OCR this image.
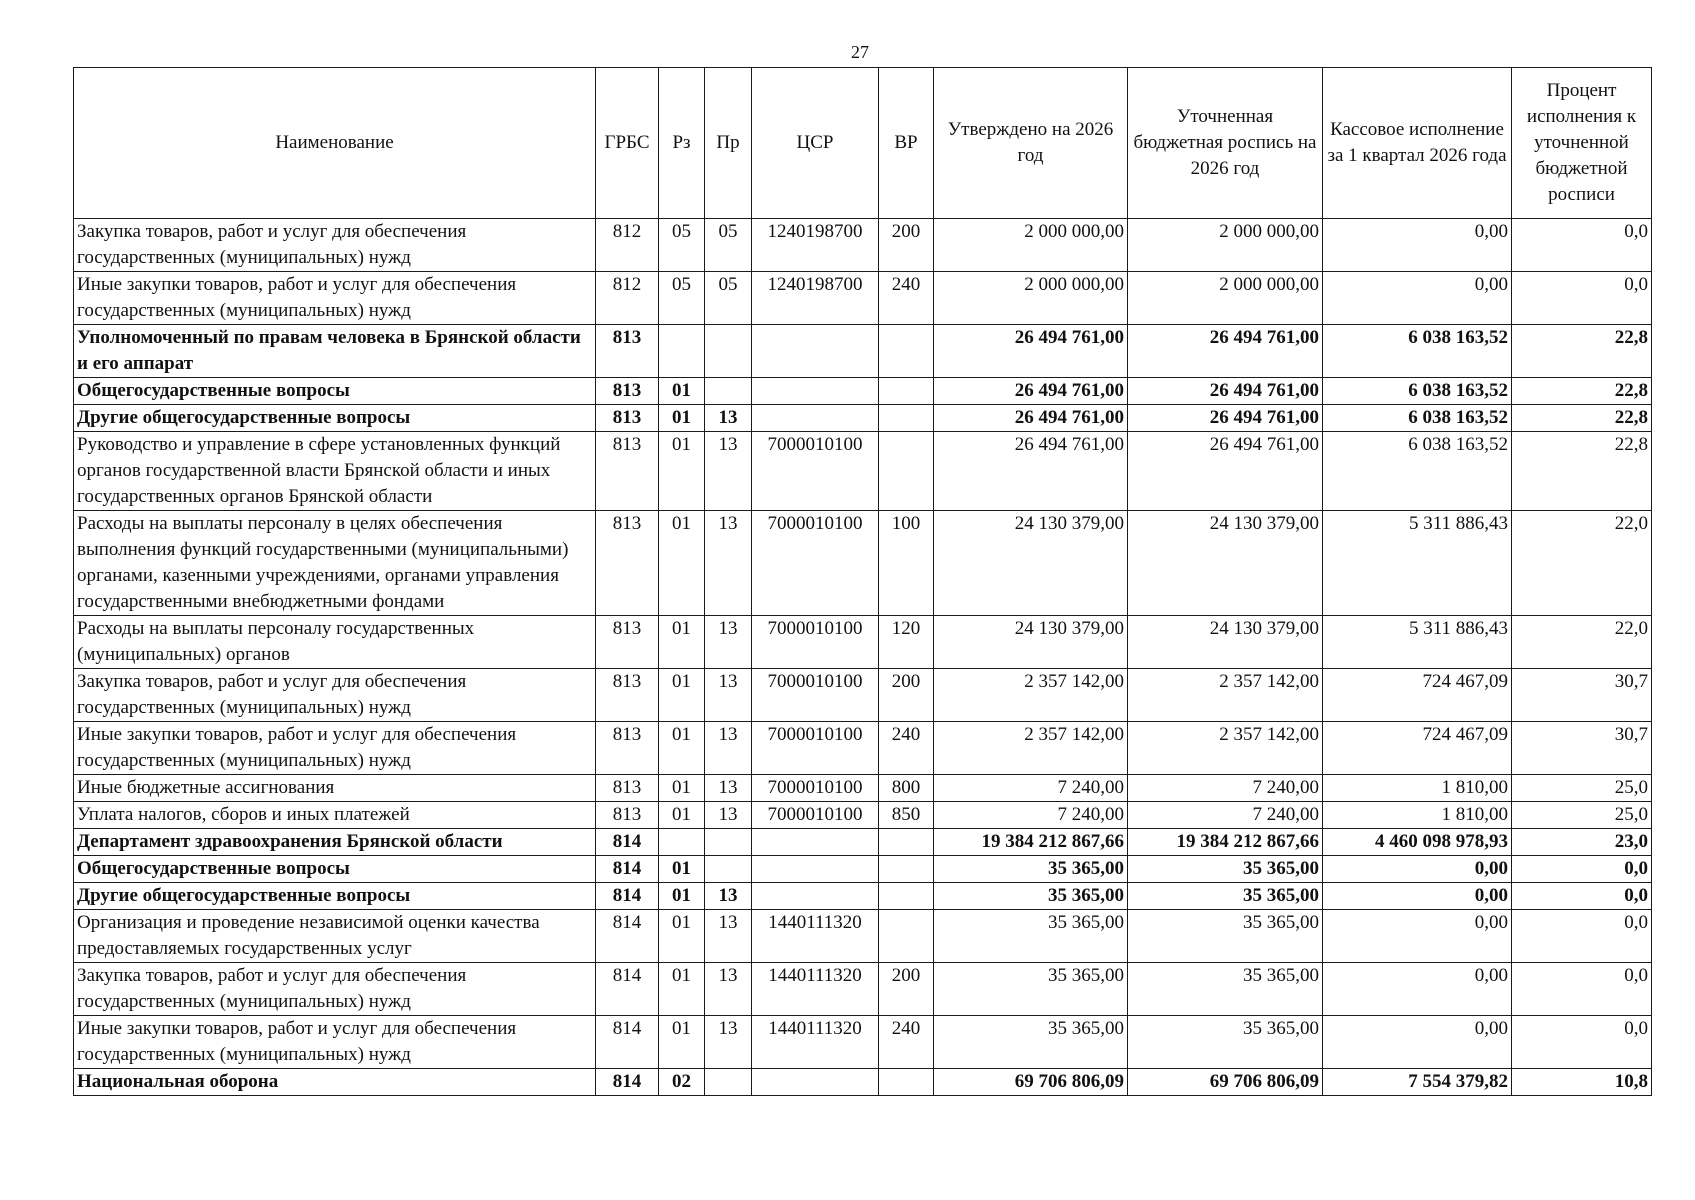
27
Наименование	ГРБС	Рз	Пр	ЦСР	ВР	Утверждено на 2026 год	Уточненная бюджетная роспись на 2026 год	Кассовое исполнение за 1 квартал 2026 года	Процент исполнения к уточненной бюджетной росписи
Закупка товаров, работ и услуг для обеспечения государственных (муниципальных) нужд	812	05	05	1240198700	200	2 000 000,00	2 000 000,00	0,00	0,0
Иные закупки товаров, работ и услуг для обеспечения государственных (муниципальных) нужд	812	05	05	1240198700	240	2 000 000,00	2 000 000,00	0,00	0,0
Уполномоченный по правам человека в Брянской области и его аппарат	813					26 494 761,00	26 494 761,00	6 038 163,52	22,8
Общегосударственные вопросы	813	01				26 494 761,00	26 494 761,00	6 038 163,52	22,8
Другие общегосударственные вопросы	813	01	13			26 494 761,00	26 494 761,00	6 038 163,52	22,8
Руководство и управление в сфере установленных функций органов государственной власти Брянской области и иных государственных органов Брянской области	813	01	13	7000010100		26 494 761,00	26 494 761,00	6 038 163,52	22,8
Расходы на выплаты персоналу в целях обеспечения выполнения функций государственными (муниципальными) органами, казенными учреждениями, органами управления государственными внебюджетными фондами	813	01	13	7000010100	100	24 130 379,00	24 130 379,00	5 311 886,43	22,0
Расходы на выплаты персоналу государственных (муниципальных) органов	813	01	13	7000010100	120	24 130 379,00	24 130 379,00	5 311 886,43	22,0
Закупка товаров, работ и услуг для обеспечения государственных (муниципальных) нужд	813	01	13	7000010100	200	2 357 142,00	2 357 142,00	724 467,09	30,7
Иные закупки товаров, работ и услуг для обеспечения государственных (муниципальных) нужд	813	01	13	7000010100	240	2 357 142,00	2 357 142,00	724 467,09	30,7
Иные бюджетные ассигнования	813	01	13	7000010100	800	7 240,00	7 240,00	1 810,00	25,0
Уплата налогов, сборов и иных платежей	813	01	13	7000010100	850	7 240,00	7 240,00	1 810,00	25,0
Департамент здравоохранения Брянской области	814					19 384 212 867,66	19 384 212 867,66	4 460 098 978,93	23,0
Общегосударственные вопросы	814	01				35 365,00	35 365,00	0,00	0,0
Другие общегосударственные вопросы	814	01	13			35 365,00	35 365,00	0,00	0,0
Организация и проведение независимой оценки качества предоставляемых государственных услуг	814	01	13	1440111320		35 365,00	35 365,00	0,00	0,0
Закупка товаров, работ и услуг для обеспечения государственных (муниципальных) нужд	814	01	13	1440111320	200	35 365,00	35 365,00	0,00	0,0
Иные закупки товаров, работ и услуг для обеспечения государственных (муниципальных) нужд	814	01	13	1440111320	240	35 365,00	35 365,00	0,00	0,0
Национальная оборона	814	02				69 706 806,09	69 706 806,09	7 554 379,82	10,8
